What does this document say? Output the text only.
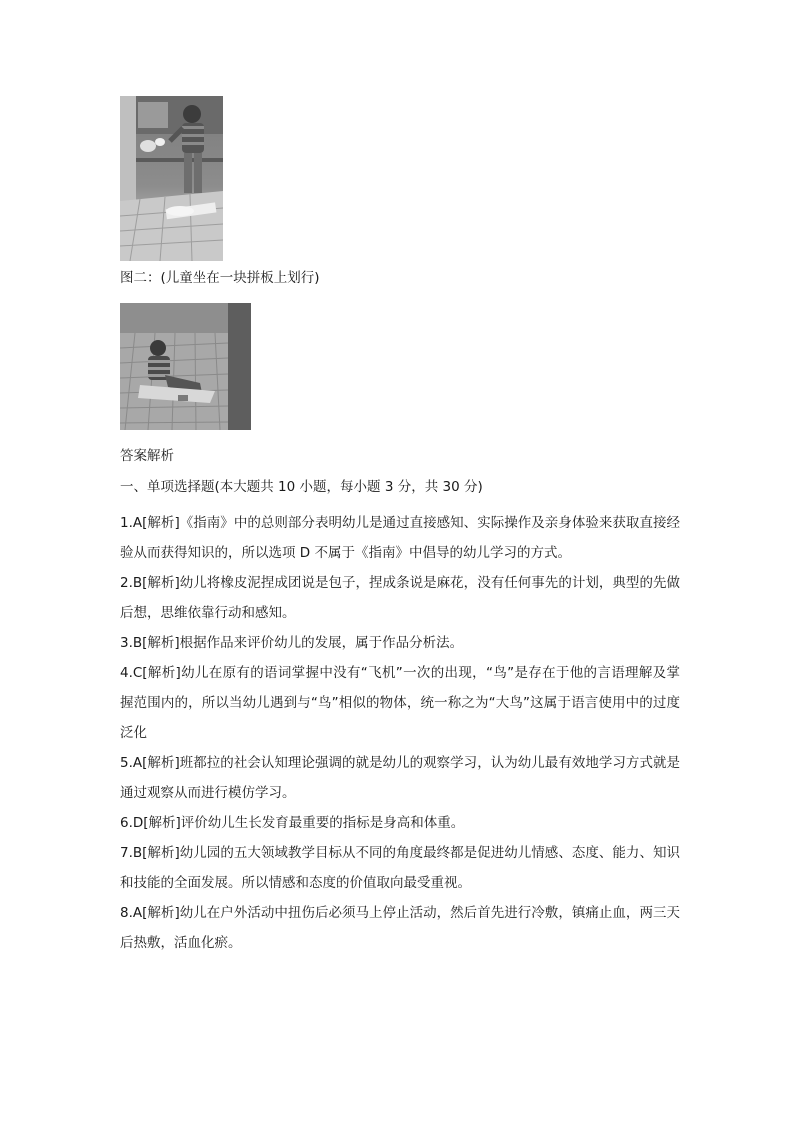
图二：(儿童坐在一块拼板上划行)
答案解析
一、单项选择题(本大题共 10 小题，每小题 3 分，共 30 分)

1.A[解析]《指南》中的总则部分表明幼儿是通过直接感知、实际操作及亲身体验来获取直接经验从而获得知识的，所以选项 D 不属于《指南》中倡导的幼儿学习的方式。

2.B[解析]幼儿将橡皮泥捏成团说是包子，捏成条说是麻花，没有任何事先的计划，典型的先做后想，思维依靠行动和感知。

3.B[解析]根据作品来评价幼儿的发展，属于作品分析法。

4.C[解析]幼儿在原有的语词掌握中没有“飞机”一次的出现，“鸟”是存在于他的言语理解及掌握范围内的，所以当幼儿遇到与“鸟”相似的物体，统一称之为“大鸟”这属于语言使用中的过度泛化

5.A[解析]班都拉的社会认知理论强调的就是幼儿的观察学习，认为幼儿最有效地学习方式就是通过观察从而进行模仿学习。

6.D[解析]评价幼儿生长发育最重要的指标是身高和体重。

7.B[解析]幼儿园的五大领域教学目标从不同的角度最终都是促进幼儿情感、态度、能力、知识和技能的全面发展。所以情感和态度的价值取向最受重视。

8.A[解析]幼儿在户外活动中扭伤后必须马上停止活动，然后首先进行冷敷，镇痛止血，两三天后热敷，活血化瘀。
